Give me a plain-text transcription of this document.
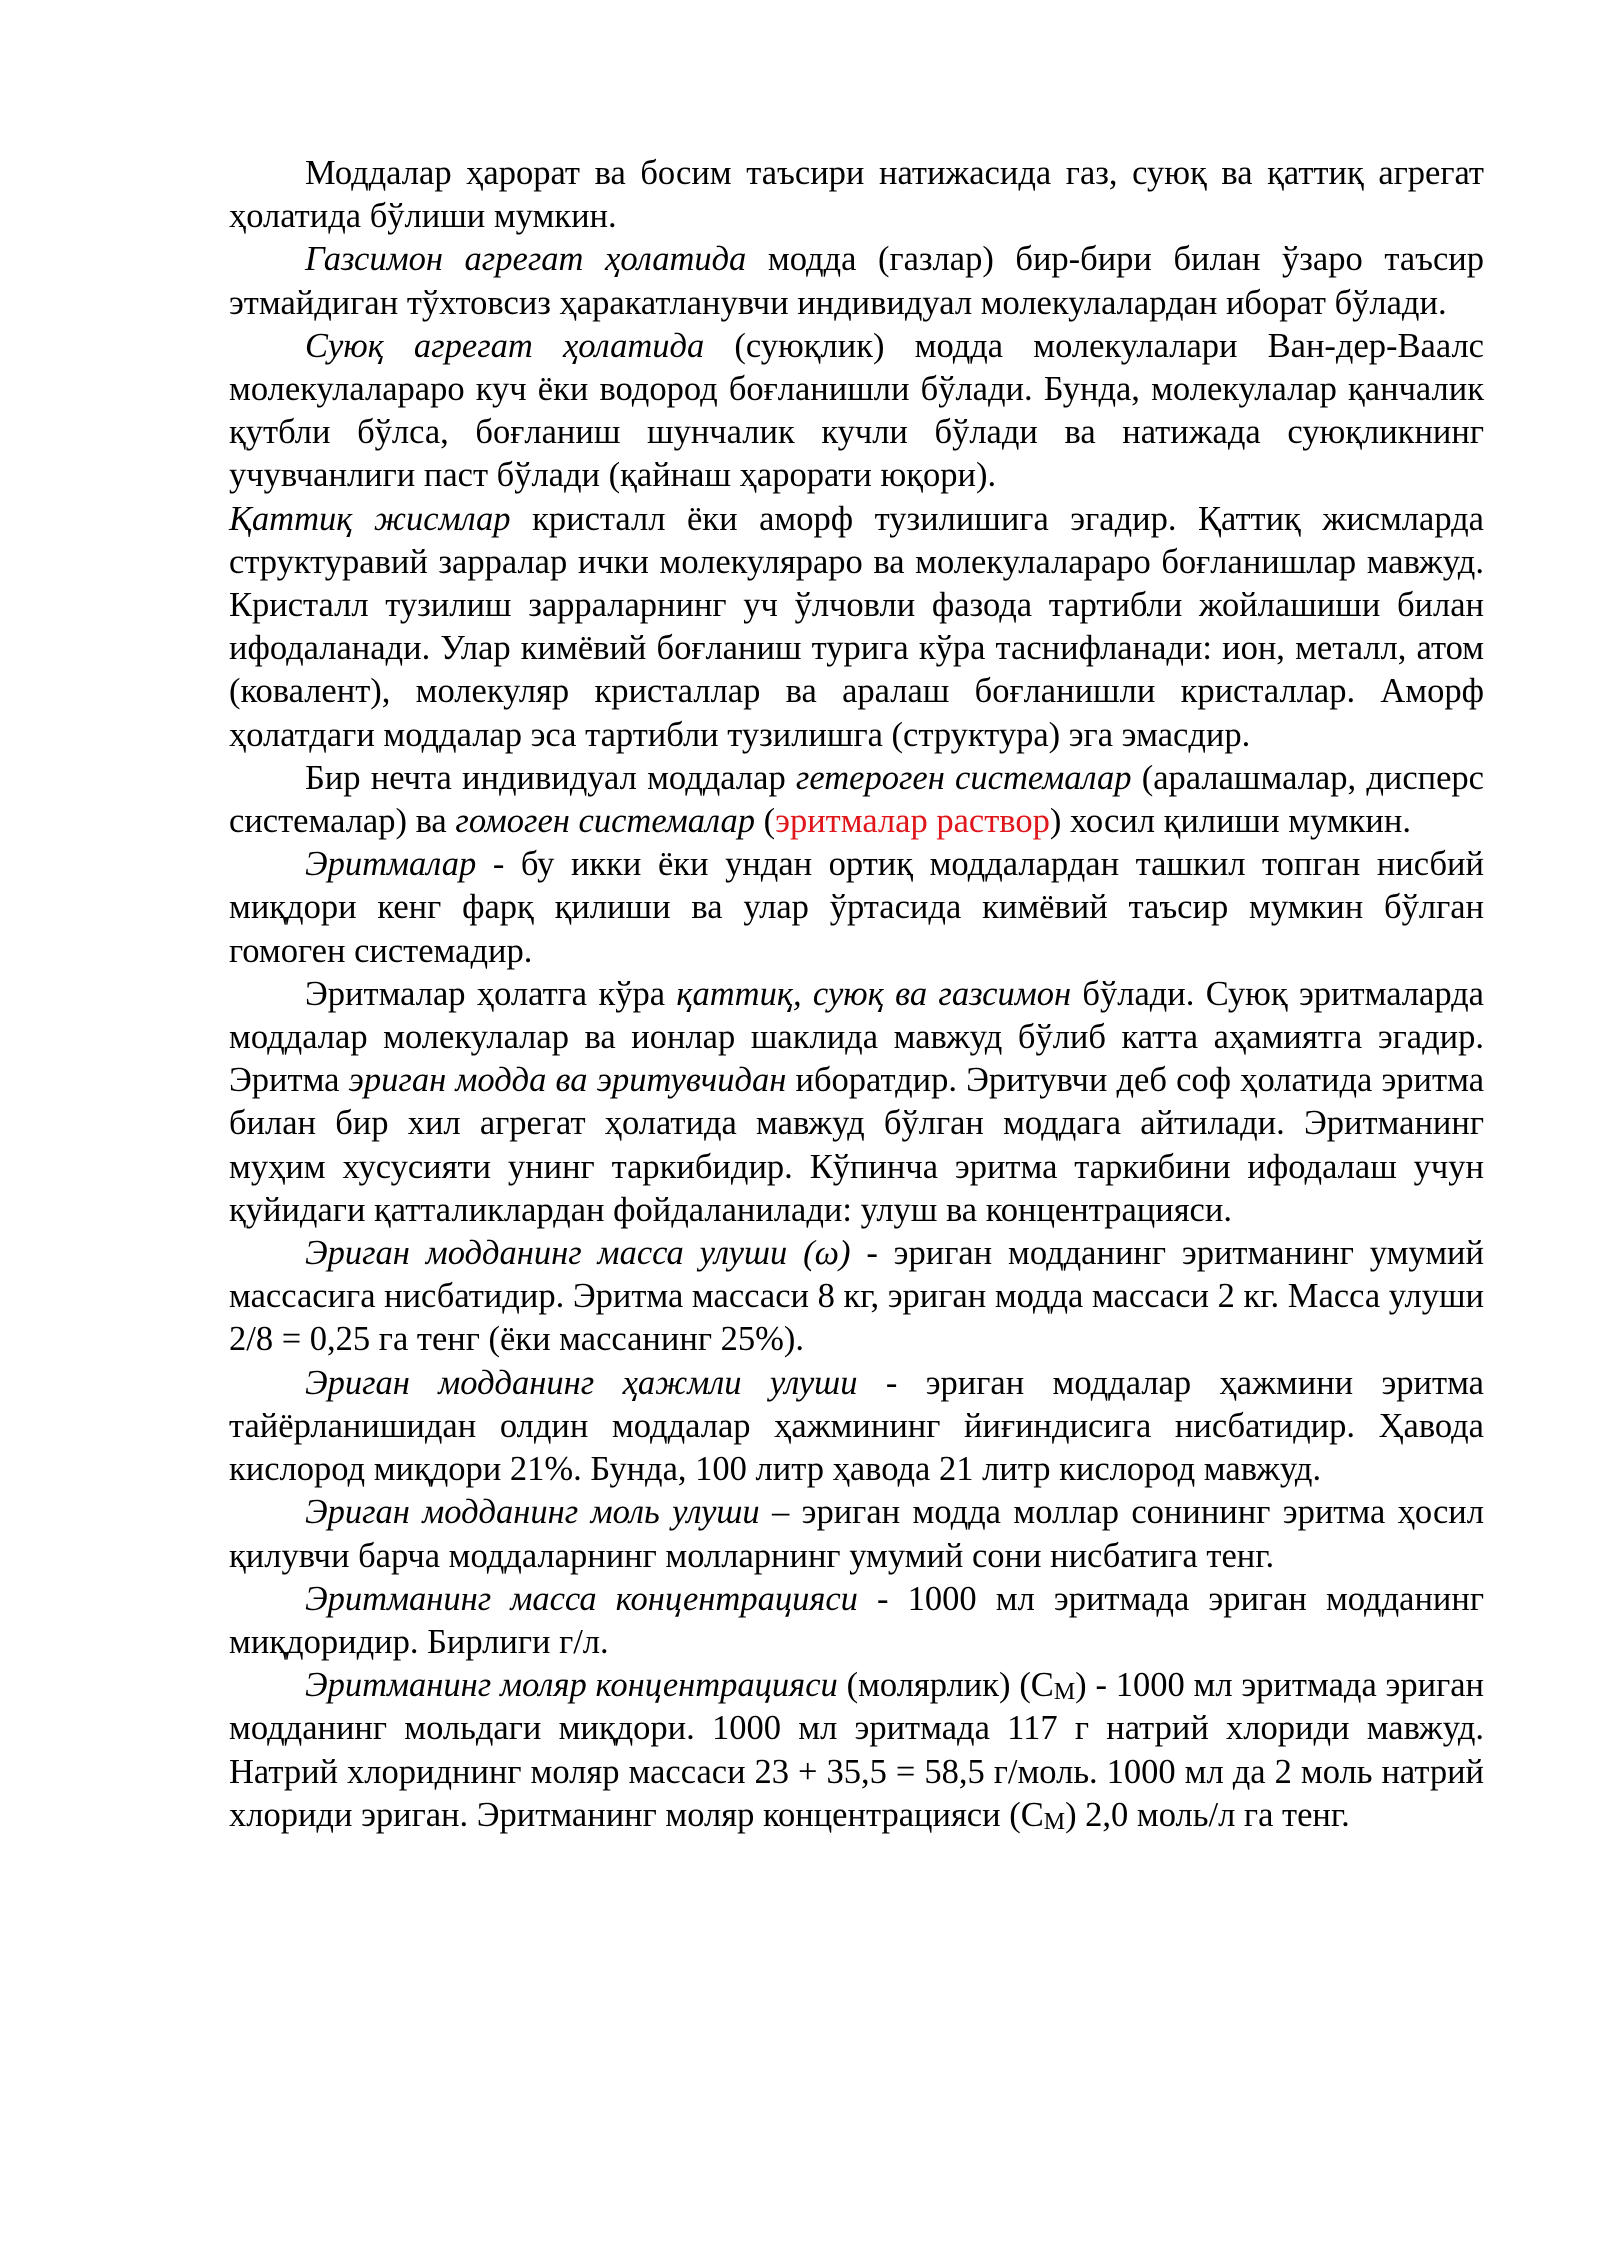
Моддалар ҳарорат ва босим таъсири натижасида газ, суюқ ва қаттиқ агрегат ҳолатида бўлиши мумкин.

Газсимон агрегат ҳолатида модда (газлар) бир-бири билан ўзаро таъсир этмайдиган тўхтовсиз ҳаракатланувчи индивидуал молекулалардан иборат бўлади.

Суюқ агрегат ҳолатида (суюқлик) модда молекулалари Ван-дер-Ваалс молекулалараро куч ёки водород боғланишли бўлади. Бунда, молекулалар қанчалик қутбли бўлса, боғланиш шунчалик кучли бўлади ва натижада суюқликнинг учувчанлиги паст бўлади (қайнаш ҳарорати юқори).

Қаттиқ жисмлар кристалл ёки аморф тузилишига эгадир. Қаттиқ жисмларда структуравий зарралар ички молекуляраро ва молекулалараро боғланишлар мавжуд. Кристалл тузилиш зарраларнинг уч ўлчовли фазода тартибли жойлашиши билан ифодаланади. Улар кимёвий боғланиш турига кўра таснифланади: ион, металл, атом (ковалент), молекуляр кристаллар ва аралаш боғланишли кристаллар. Аморф ҳолатдаги моддалар эса тартибли тузилишга (структура) эга эмасдир.

Бир нечта индивидуал моддалар гетероген системалар (аралашмалар, дисперс системалар) ва гомоген системалар (эритмалар раствор) хосил қилиши мумкин.

Эритмалар - бу икки ёки ундан ортиқ моддалардан ташкил топган нисбий миқдори кенг фарқ қилиши ва улар ўртасида кимёвий таъсир мумкин бўлган гомоген системадир.

Эритмалар ҳолатга кўра қаттиқ, суюқ ва газсимон бўлади. Суюқ эритмаларда моддалар молекулалар ва ионлар шаклида мавжуд бўлиб катта аҳамиятга эгадир. Эритма эриган модда ва эритувчидан иборатдир. Эритувчи деб соф ҳолатида эритма билан бир хил агрегат ҳолатида мавжуд бўлган моддага айтилади. Эритманинг муҳим хусусияти унинг таркибидир. Кўпинча эритма таркибини ифодалаш учун қуйидаги қатталиклардан фойдаланилади: улуш ва концентрацияси.

Эриган модданинг масса улуши (ω) - эриган модданинг эритманинг умумий массасига нисбатидир. Эритма массаси 8 кг, эриган модда массаси 2 кг. Масса улуши 2/8 = 0,25 га тенг (ёки массанинг 25%).

Эриган модданинг ҳажмли улуши - эриган моддалар ҳажмини эритма тайёрланишидан олдин моддалар ҳажмининг йиғиндисига нисбатидир. Ҳавода кислород миқдори 21%. Бунда, 100 литр ҳавода 21 литр кислород мавжуд.

Эриган модданинг моль улуши – эриган модда моллар сонининг эритма ҳосил қилувчи барча моддаларнинг молларнинг умумий сони нисбатига тенг.

Эритманинг масса концентрацияси - 1000 мл эритмада эриган модданинг миқдоридир. Бирлиги г/л.

Эритманинг моляр концентрацияси (молярлик) $(С_М) - 1000$ мл эритмада эриган модданинг мольдаги миқдори. 1000 мл эритмада 117 г натрий хлориди мавжуд. Натрий хлориднинг моляр массаси 23 + 35,5 = 58,5 г/моль. 1000 мл да 2 моль натрий хлориди эриган. Эритманинг моляр концентрацияси $(С_М)$ 2,0 моль/л га тенг.
